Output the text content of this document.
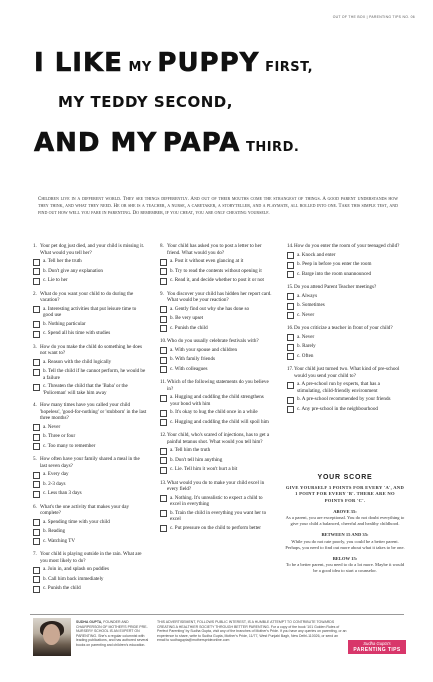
OUT OF THE BOX | PARENTING TIPS NO. 06
I LIKE MY PUPPY FIRST,
MY TEDDY SECOND,
AND MY PAPA THIRD.

Children live in a different world. They see things differently. And out of their mouths come the strangest of things. A good parent understands how they think, and what they need. He or she is a teacher, a nurse, a caretaker, a storyteller, and a playmate, all rolled into one. Take this simple test, and find out how well you fare in parenting. Do remember, if you cheat, you are only cheating yourself.

1. Your pet dog just died, and your child is missing it. What would you tell her?
a. Tell her the truth
b. Don't give any explanation
c. Lie to her
2. What do you want your child to do during the vacation?
a. Interesting activities that put leisure time to good use
b. Nothing particular
c. Spend all his time with studies
3. How do you make the child do something he does not want to?
a. Reason with the child logically
b. Tell the child if he cannot perform, he would be a failure
c. Threaten the child that the 'Baba' or the 'Policeman' will take him away
4. How many times have you called your child 'hopeless', 'good-for-nothing' or 'stubborn' in the last three months?
a. Never
b. Three or four
c. Too many to remember
5. How often have your family shared a meal in the last seven days?
a. Every day
b. 2-3 days
c. Less than 3 days
6. What's the one activity that makes your day complete?
a. Spending time with your child
b. Reading
c. Watching TV
7. Your child is playing outside in the rain. What are you most likely to do?
a. Join in, and splash on puddles
b. Call him back immediately
c. Punish the child
8. Your child has asked you to post a letter to her friend. What would you do?
a. Post it without even glancing at it
b. Try to read the contents without opening it
c. Read it, and decide whether to post it or not
9. You discover your child has hidden her report card. What would be your reaction?
a. Gently find out why she has done so
b. Be very upset
c. Punish the child
10. Who do you usually celebrate festivals with?
a. With your spouse and children
b. With family friends
c. With colleagues
11. Which of the following statements do you believe in?
a. Hugging and cuddling the child strengthens your bond with him
b. It's okay to hug the child once in a while
c. Hugging and cuddling the child will spoil him
12. Your child, who's scared of injections, has to get a painful tetanus shot. What would you tell him?
a. Tell him the truth
b. Don't tell him anything
c. Lie. Tell him it won't hurt a bit
13. What would you do to make your child excel in every field?
a. Nothing. It's unrealistic to expect a child to excel in everything
b. Train the child in everything you want her to excel
c. Put pressure on the child to perform better
14. How do you enter the room of your teenaged child?
a. Knock and enter
b. Peep in before you enter the room
c. Barge into the room unannounced
15. Do you attend Parent Teacher meetings?
a. Always
b. Sometimes
c. Never
16. Do you criticize a teacher in front of your child?
a. Never
b. Rarely
c. Often
17. Your child just turned two. What kind of pre-school would you send your child to?
a. A pre-school run by experts, that has a stimulating, child-friendly environment
b. A pre-school recommended by your friends
c. Any pre-school in the neighbourhood
YOUR SCORE

GIVE YOURSELF 3 POINTS FOR EVERY 'A', AND 1 POINT FOR EVERY 'B'. THERE ARE NO POINTS FOR 'C'.

ABOVE 35:

As a parent, you are exceptional. You do not doubt everything to give your child a balanced, cheerful and healthy childhood.

BETWEEN 15 AND 35:

While you do not rate poorly, you could be a better parent. Perhaps, you need to find out more about what it takes to be one.

BELOW 15:

To be a better parent, you need to do a lot more. Maybe it would be a good idea to start a counselor.

SUDHA GUPTA, FOUNDER AND CHAIRPERSON OF MOTHER'S PRIDE PRE-NURSERY SCHOOL IS AN EXPERT ON PARENTING. She's a regular columnist with leading publications, and has authored several books on parenting and children's education.
THIS ADVERTISEMENT, FOLLOWS PUBLIC INTEREST, IS A HUMBLE ATTEMPT TO CONTRIBUTE TOWARDS CREATING A HEALTHIER SOCIETY THROUGH BETTER PARENTING. For a copy of the book '101 Golden Rules of Perfect Parenting' by Sudha Gupta, visit any of the branches of Mother's Pride. If you have any queries on parenting, or an experience to share, write to Sudha Gupta, Mother's Pride, 11/77, West Punjabi Bagh, New Delhi-110026, or send an email to sudhagupta@mothersprideonline.com
Sudha Gupta's
PARENTING TIPS
